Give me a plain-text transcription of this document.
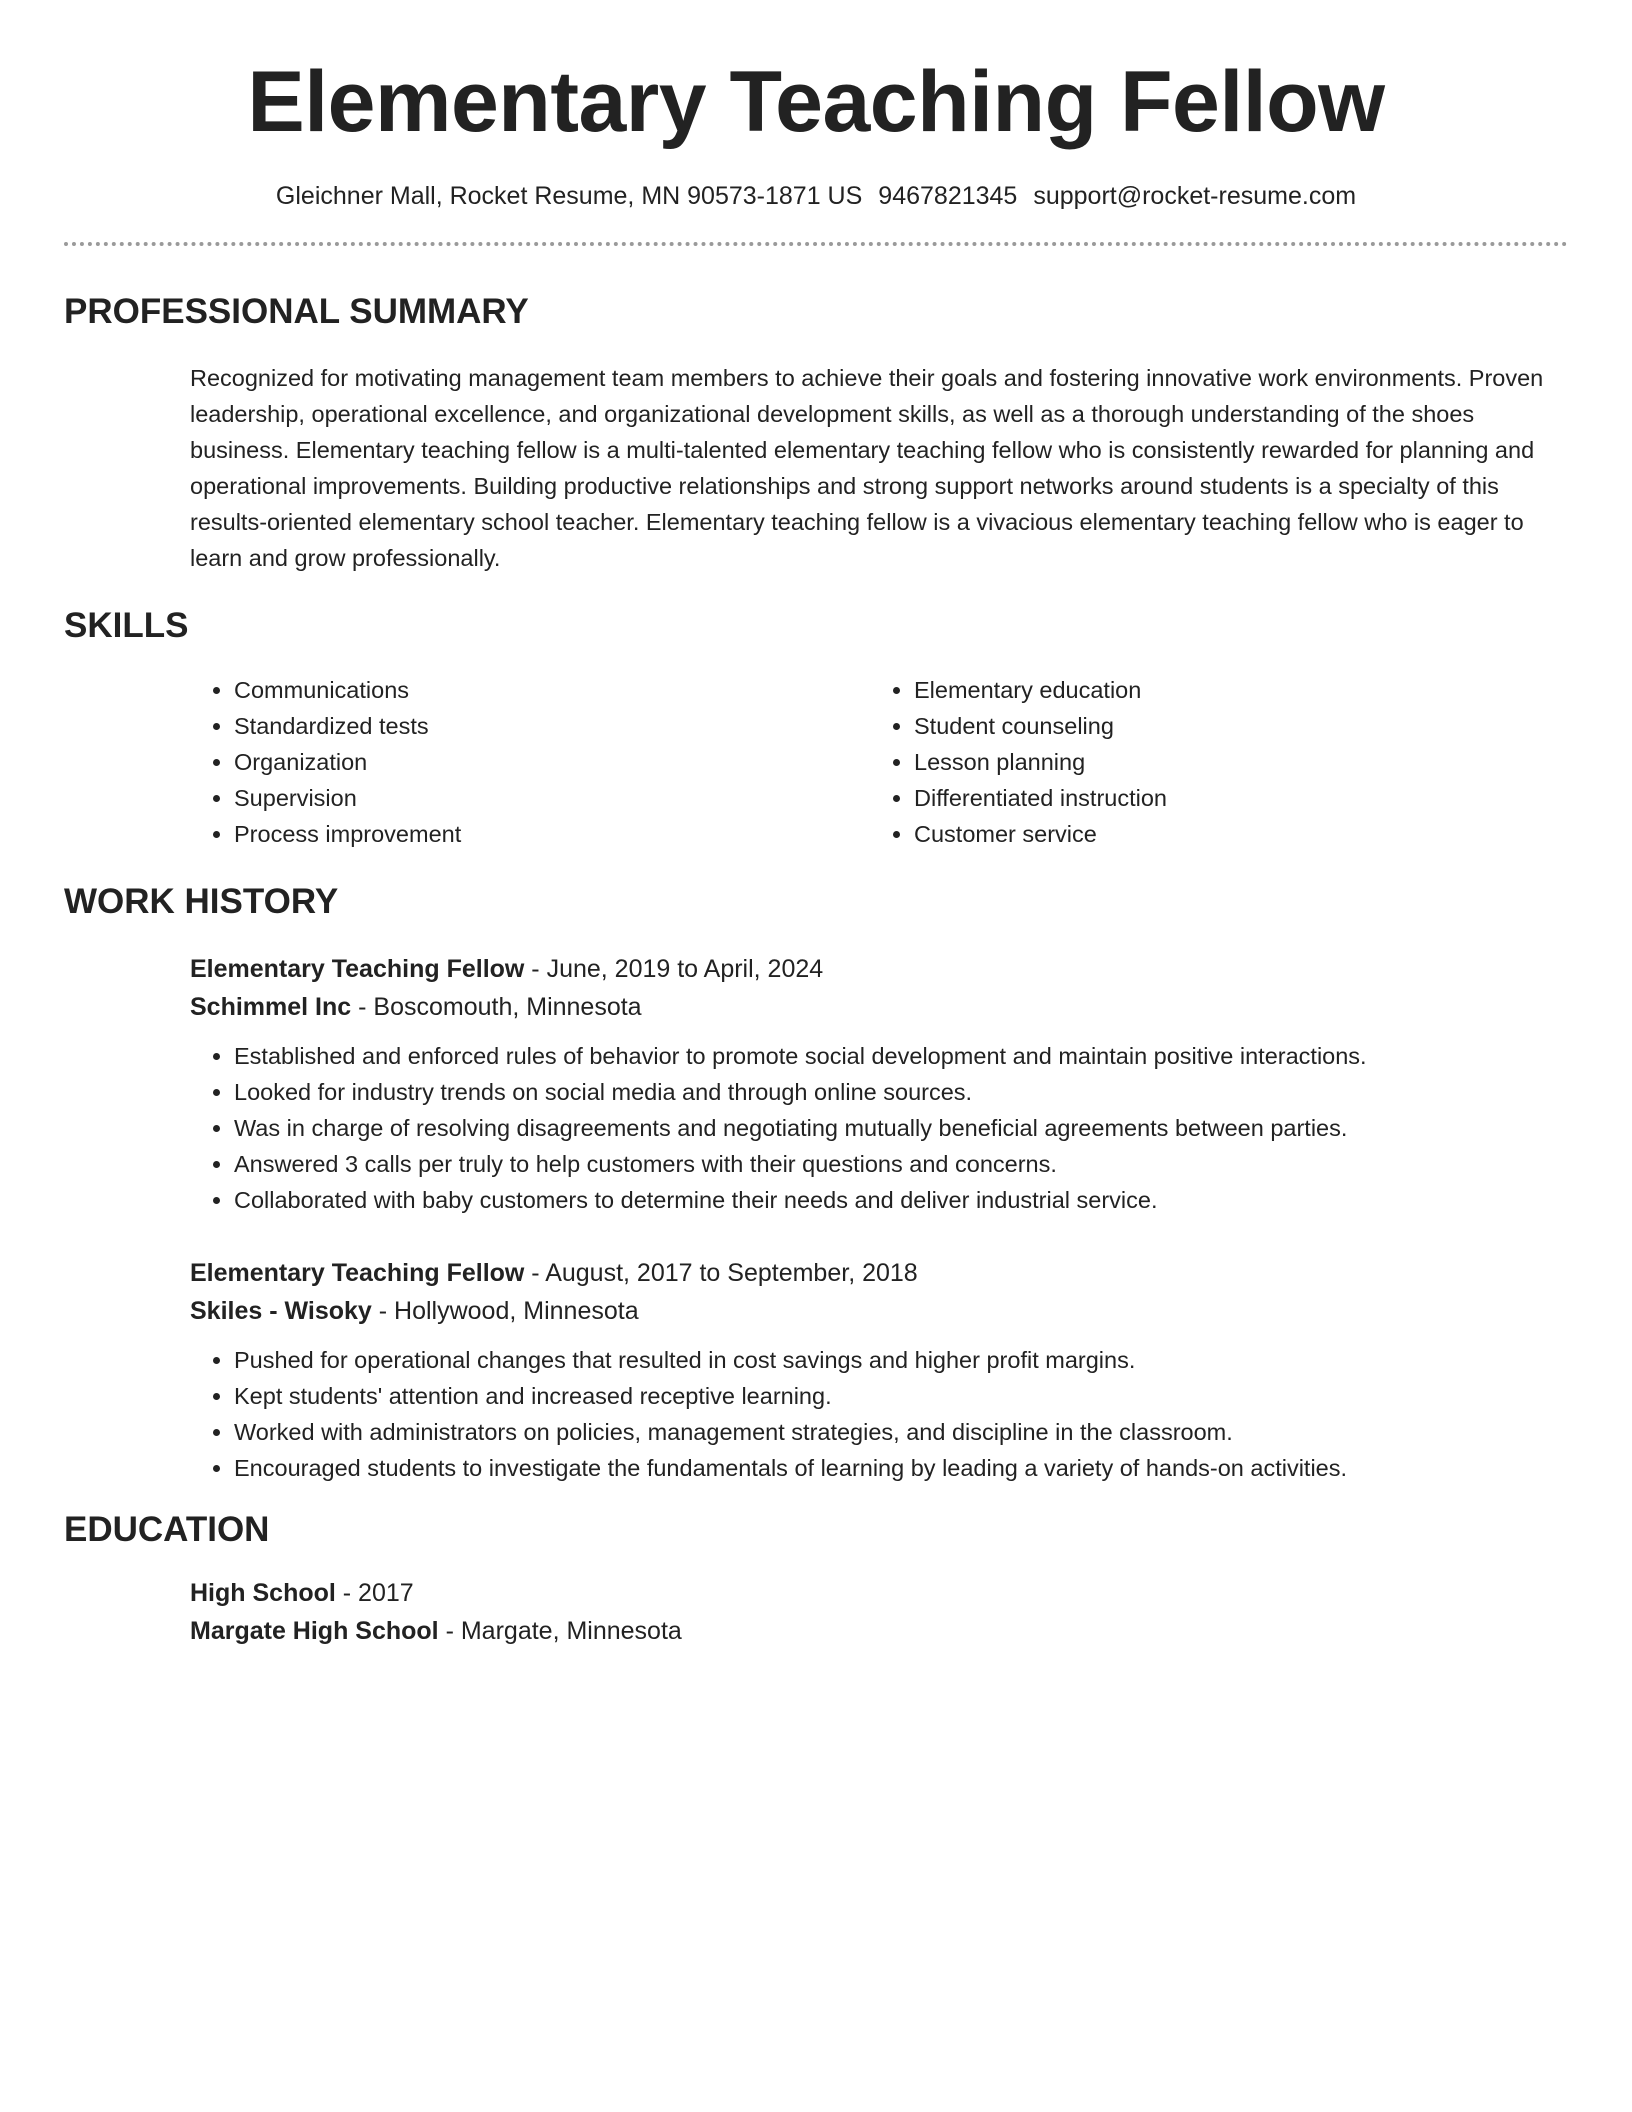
Elementary Teaching Fellow
Gleichner Mall, Rocket Resume, MN 90573-1871 US 9467821345 support@rocket-resume.com
PROFESSIONAL SUMMARY
Recognized for motivating management team members to achieve their goals and fostering innovative work environments. Proven leadership, operational excellence, and organizational development skills, as well as a thorough understanding of the shoes business. Elementary teaching fellow is a multi-talented elementary teaching fellow who is consistently rewarded for planning and operational improvements. Building productive relationships and strong support networks around students is a specialty of this results-oriented elementary school teacher. Elementary teaching fellow is a vivacious elementary teaching fellow who is eager to learn and grow professionally.
SKILLS
• Communications
• Standardized tests
• Organization
• Supervision
• Process improvement
• Elementary education
• Student counseling
• Lesson planning
• Differentiated instruction
• Customer service
WORK HISTORY
Elementary Teaching Fellow - June, 2019 to April, 2024
Schimmel Inc - Boscomouth, Minnesota
• Established and enforced rules of behavior to promote social development and maintain positive interactions.
• Looked for industry trends on social media and through online sources.
• Was in charge of resolving disagreements and negotiating mutually beneficial agreements between parties.
• Answered 3 calls per truly to help customers with their questions and concerns.
• Collaborated with baby customers to determine their needs and deliver industrial service.
Elementary Teaching Fellow - August, 2017 to September, 2018
Skiles - Wisoky - Hollywood, Minnesota
• Pushed for operational changes that resulted in cost savings and higher profit margins.
• Kept students' attention and increased receptive learning.
• Worked with administrators on policies, management strategies, and discipline in the classroom.
• Encouraged students to investigate the fundamentals of learning by leading a variety of hands-on activities.
EDUCATION
High School - 2017
Margate High School - Margate, Minnesota
